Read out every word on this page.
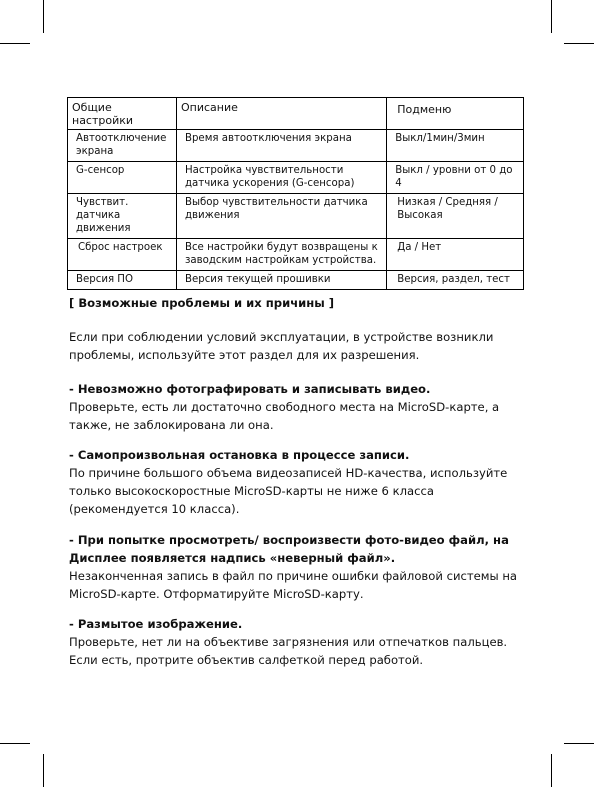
Общие настройки	Описание	Подменю
Автоотключение экрана	Время автоотключения экрана	Выкл/1мин/3мин
G-сенсор	Настройка чувствительности датчика ускорения (G-сенсора)	Выкл / уровни от 0 до 4
Чувствит. датчика движения	Выбор чувствительности датчика движения	Низкая / Средняя / Высокая
Сброс настроек	Все настройки будут возвращены к заводским настройкам устройства.	Да / Нет
Версия ПО	Версия текущей прошивки	Версия, раздел, тест
[ Возможные проблемы и их причины ]

Если при соблюдении условий эксплуатации, в устройстве возникли проблемы, используйте этот раздел для их разрешения.

- Невозможно фотографировать и записывать видео.

Проверьте, есть ли достаточно свободного места на MicroSD-карте, а также, не заблокирована ли она.

- Самопроизвольная остановка в процессе записи.

По причине большого объема видеозаписей HD-качества, используйте только высокоскоростные MicroSD-карты не ниже 6 класса (рекомендуется 10 класса).

- При попытке просмотреть/ воспроизвести фото-видео файл, на Дисплее появляется надпись «неверный файл».

Незаконченная запись в файл по причине ошибки файловой системы на MicroSD-карте. Отформатируйте MicroSD-карту.

- Размытое изображение.

Проверьте, нет ли на объективе загрязнения или отпечатков пальцев. Если есть, протрите объектив салфеткой перед работой.
